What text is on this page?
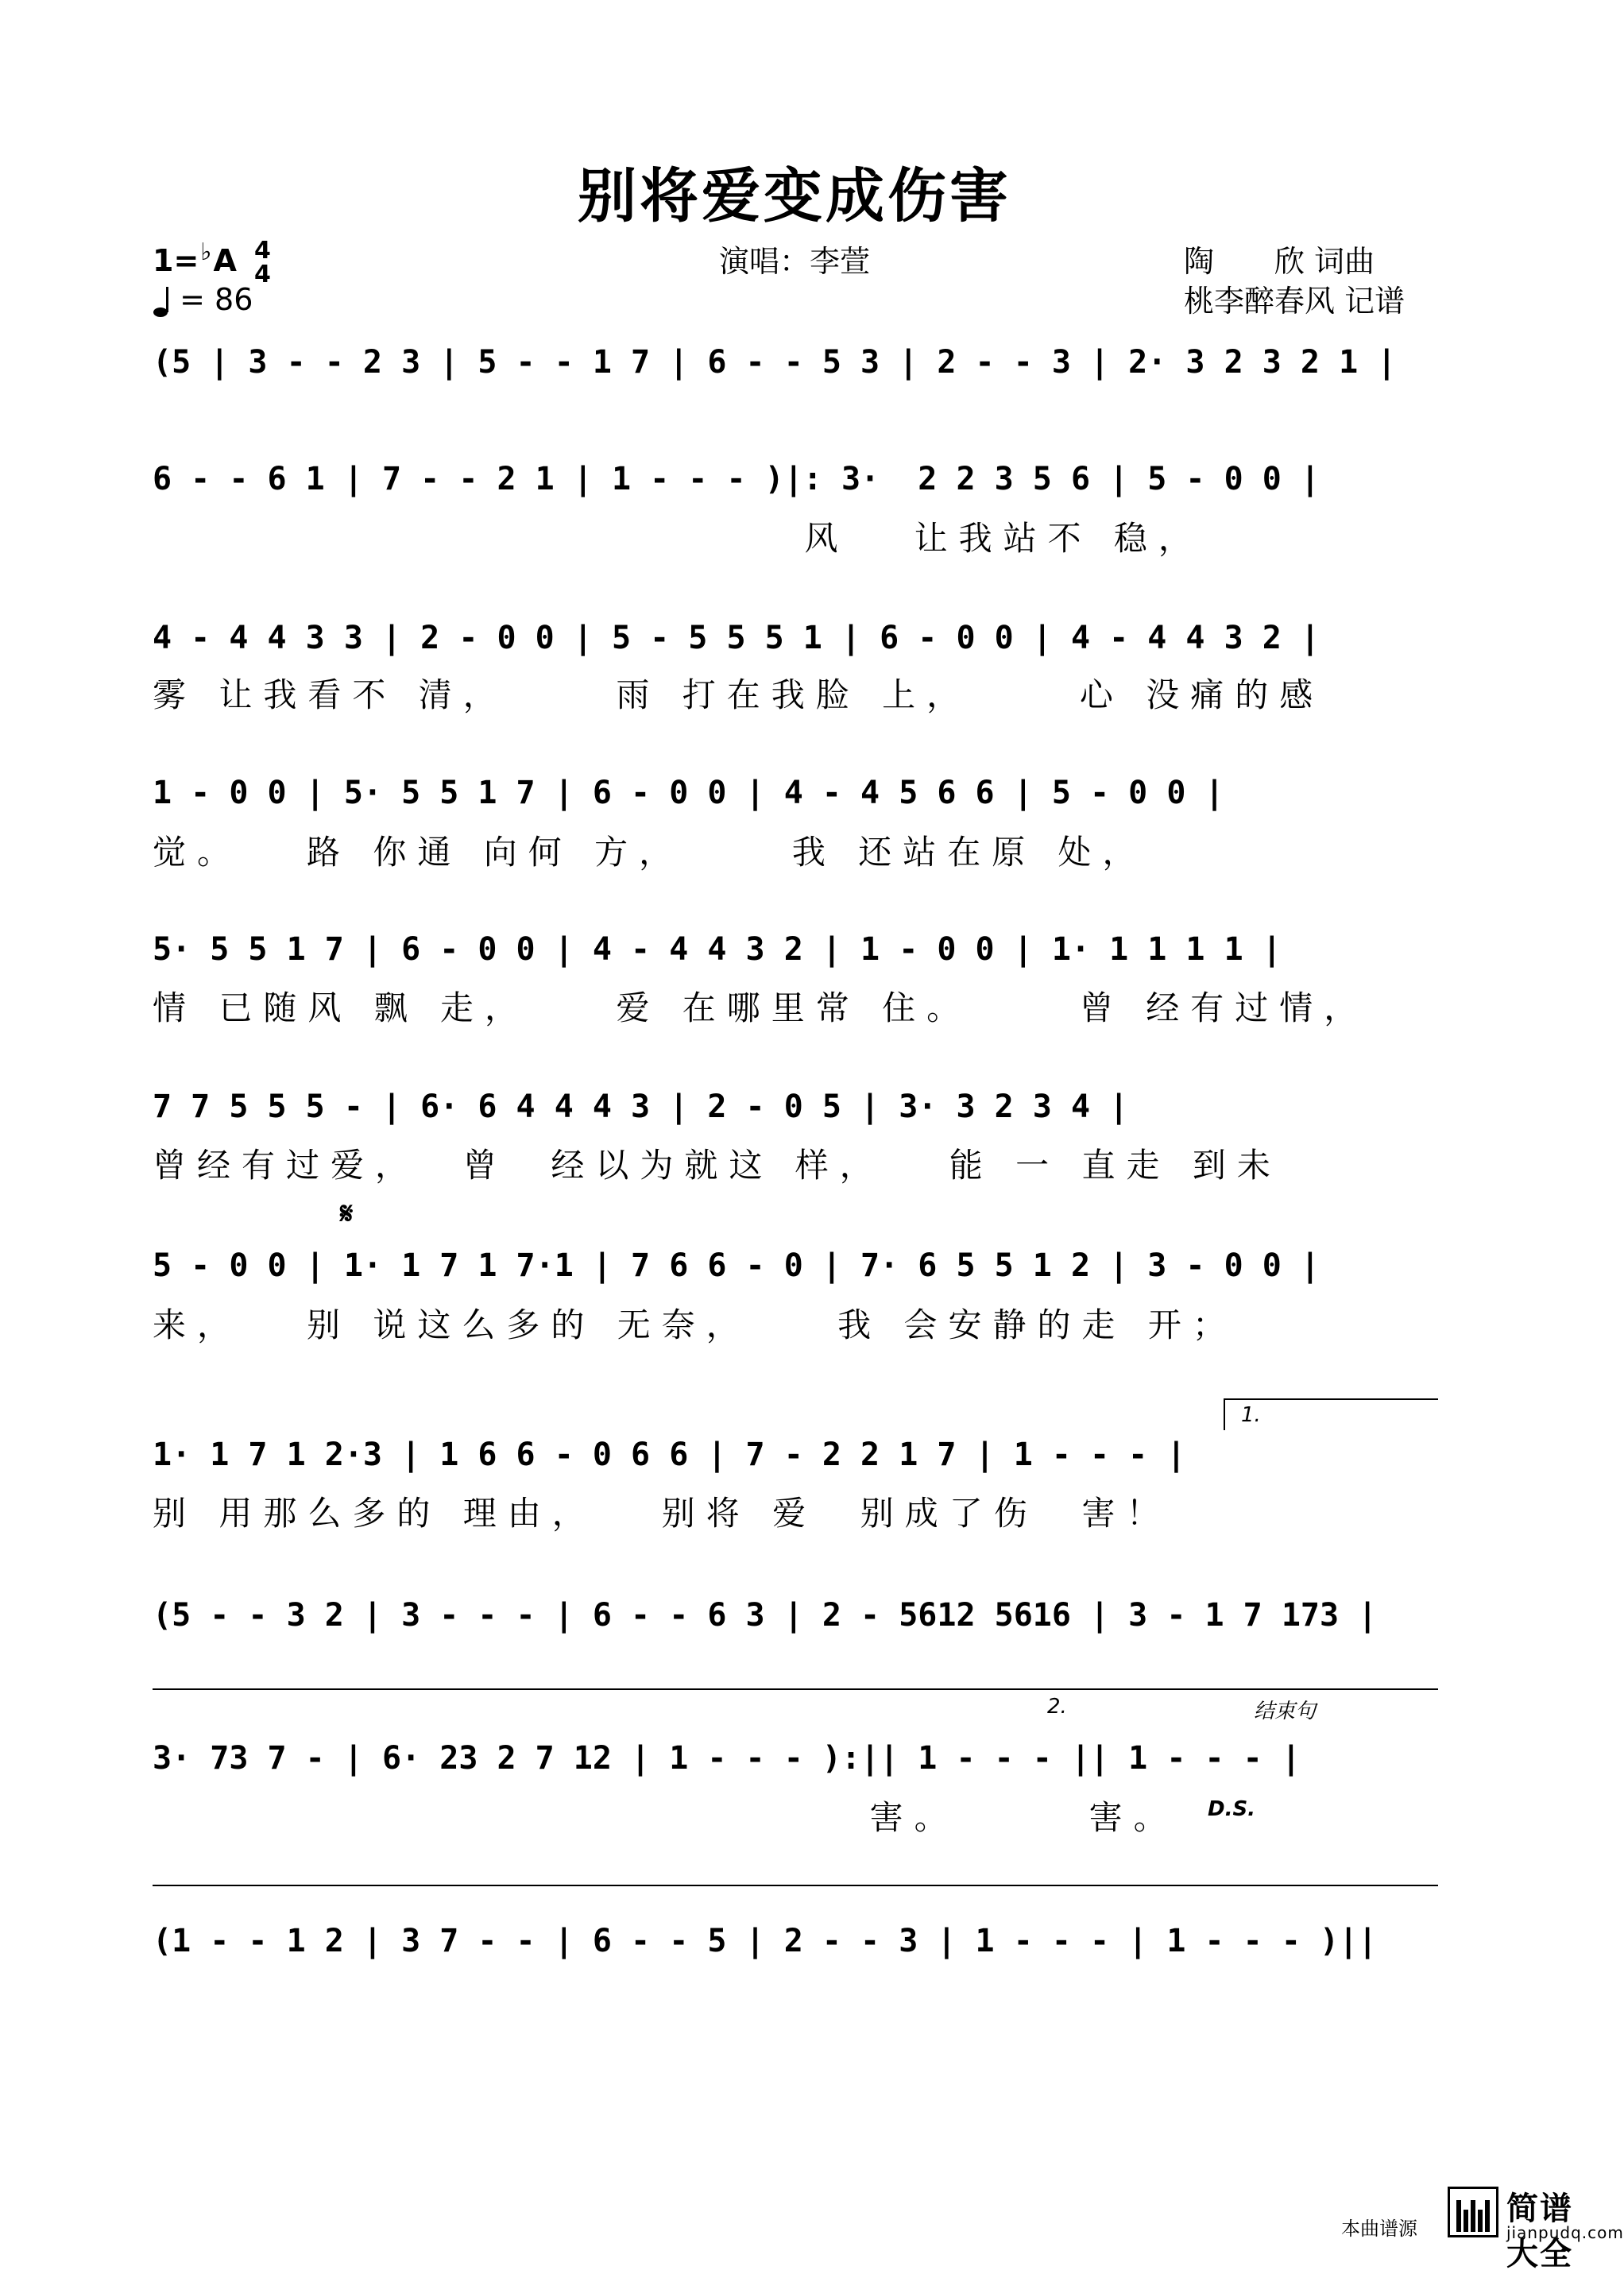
别将爱变成伤害
1=♭A 4
4
= 86
演唱：李萱	陶　　欣 词曲
桃李醉春风 记谱
(5 | 3 - - 2 3 | 5 - - 1 7 | 6 - - 5 3 | 2 - - 3 | 2· 3 2 3 2 1 |
6 - - 6 1 | 7 - - 2 1 | 1 - - - )|: 3·  2 2 3 5 6 | 5 - 0 0 |
风   让我站不 稳，
4 - 4 4 3 3 | 2 - 0 0 | 5 - 5 5 5 1 | 6 - 0 0 | 4 - 4 4 3 2 |
雾 让我看不 清，     雨 打在我脸 上，     心 没痛的感
1 - 0 0 | 5· 5 5 1 7 | 6 - 0 0 | 4 - 4 5 6 6 | 5 - 0 0 |
觉。   路 你通 向何 方，     我 还站在原 处，
5· 5 5 1 7 | 6 - 0 0 | 4 - 4 4 3 2 | 1 - 0 0 | 1· 1 1 1 1 |
情 已随风 飘 走，    爱 在哪里常 住。     曾 经有过情，
7 7 5 5 5 - | 6· 6 4 4 4 3 | 2 - 0 5 | 3· 3 2 3 4 |
曾经有过爱，  曾  经以为就这 样，   能 一 直走 到未
𝄋
5 - 0 0 | 1· 1 7 1 7·1 | 7 6 6 - 0 | 7· 6 5 5 1 2 | 3 - 0 0 |
来，   别 说这么多的 无奈，    我 会安静的走 开；
1.
1· 1 7 1 2·3 | 1 6 6 - 0 6 6 | 7 - 2 2 1 7 | 1 - - - |
别 用那么多的 理由，   别将 爱  别成了伤  害！
(5 - - 3 2 | 3 - - - | 6 - - 6 3 | 2 - 5612 5616 | 3 - 1 7 173 |
2.	结束句
3· 73 7 - | 6· 23 2 7 12 | 1 - - - ):|| 1 - - - || 1 - - - |
害。      害。	D.S.
(1 - - 1 2 | 3 7 - - | 6 - - 5 | 2 - - 3 | 1 - - - | 1 - - - )||
本曲谱源
简谱大全
jianpudq.com
